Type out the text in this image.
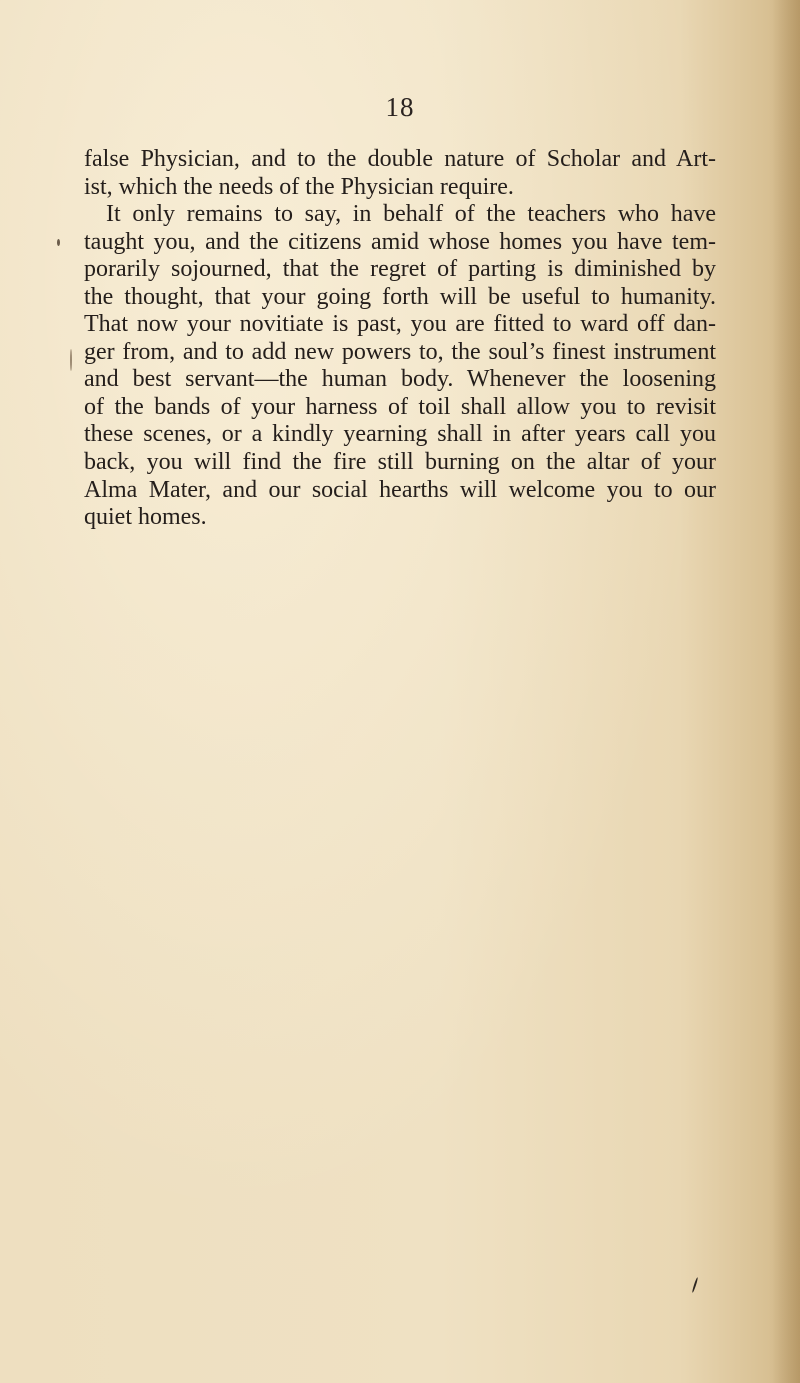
18
false Physician, and to the double nature of Scholar and Art-
ist, which the needs of the Physician require.
It only remains to say, in behalf of the teachers who have
taught you, and the citizens amid whose homes you have tem-
porarily sojourned, that the regret of parting is diminished by
the thought, that your going forth will be useful to humanity.
That now your novitiate is past, you are fitted to ward off dan-
ger from, and to add new powers to, the soul’s finest instrument
and best servant—the human body. Whenever the loosening
of the bands of your harness of toil shall allow you to revisit
these scenes, or a kindly yearning shall in after years call you
back, you will find the fire still burning on the altar of your
Alma Mater, and our social hearths will welcome you to our
quiet homes.
